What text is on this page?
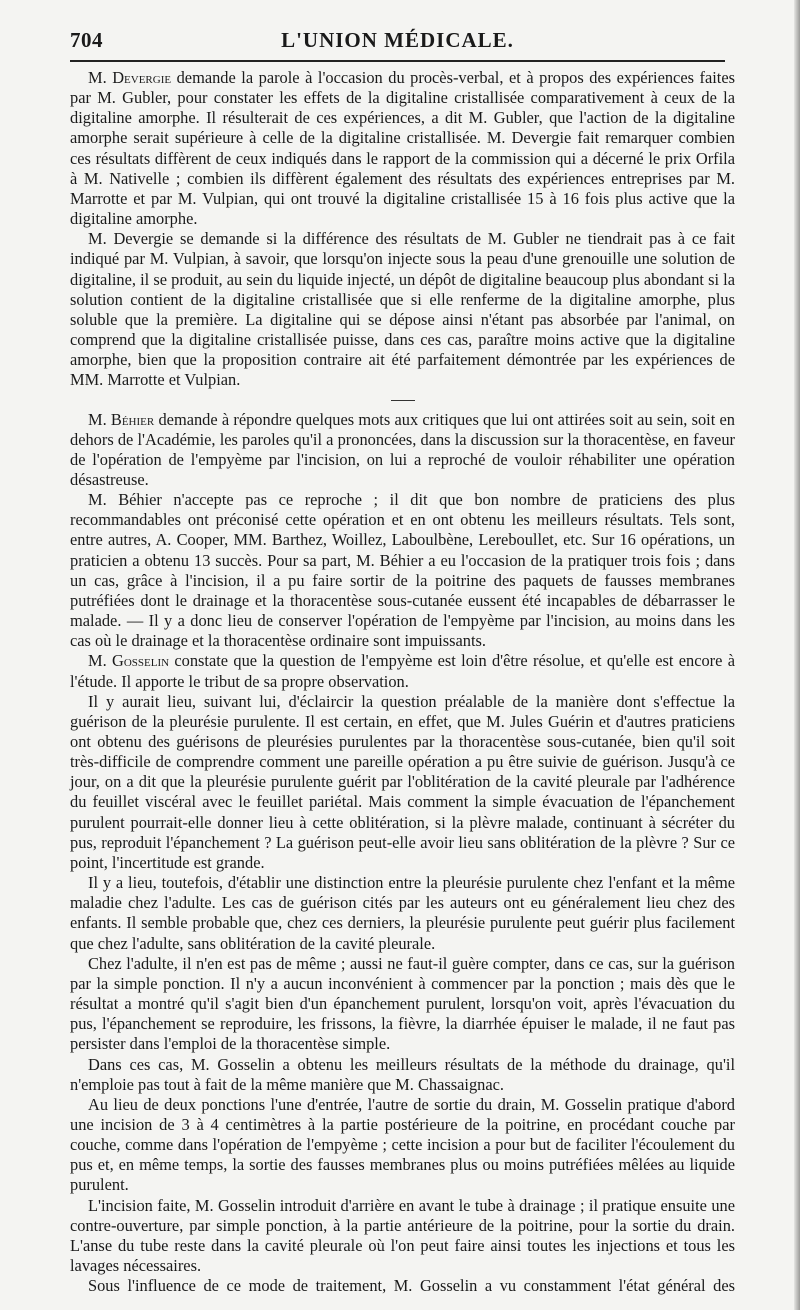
704	L'UNION MÉDICALE.

M. Devergie demande la parole à l'occasion du procès-verbal, et à propos des expériences faites par M. Gubler, pour constater les effets de la digitaline cristallisée comparativement à ceux de la digitaline amorphe. Il résulterait de ces expériences, a dit M. Gubler, que l'action de la digitaline amorphe serait supérieure à celle de la digitaline cristallisée. M. Devergie fait remarquer combien ces résultats diffèrent de ceux indiqués dans le rapport de la commission qui a décerné le prix Orfila à M. Nativelle ; combien ils diffèrent également des résultats des expériences entreprises par M. Marrotte et par M. Vulpian, qui ont trouvé la digitaline cristallisée 15 à 16 fois plus active que la digitaline amorphe.

M. Devergie se demande si la différence des résultats de M. Gubler ne tiendrait pas à ce fait indiqué par M. Vulpian, à savoir, que lorsqu'on injecte sous la peau d'une grenouille une solution de digitaline, il se produit, au sein du liquide injecté, un dépôt de digitaline beaucoup plus abondant si la solution contient de la digitaline cristallisée que si elle renferme de la digitaline amorphe, plus soluble que la première. La digitaline qui se dépose ainsi n'étant pas absorbée par l'animal, on comprend que la digitaline cristallisée puisse, dans ces cas, paraître moins active que la digitaline amorphe, bien que la proposition contraire ait été parfaitement démontrée par les expériences de MM. Marrotte et Vulpian.

M. Béhier demande à répondre quelques mots aux critiques que lui ont attirées soit au sein, soit en dehors de l'Académie, les paroles qu'il a prononcées, dans la discussion sur la thoracentèse, en faveur de l'opération de l'empyème par l'incision, on lui a reproché de vouloir réhabiliter une opération désastreuse.

M. Béhier n'accepte pas ce reproche ; il dit que bon nombre de praticiens des plus recommandables ont préconisé cette opération et en ont obtenu les meilleurs résultats. Tels sont, entre autres, A. Cooper, MM. Barthez, Woillez, Laboulbène, Lereboullet, etc. Sur 16 opérations, un praticien a obtenu 13 succès. Pour sa part, M. Béhier a eu l'occasion de la pratiquer trois fois ; dans un cas, grâce à l'incision, il a pu faire sortir de la poitrine des paquets de fausses membranes putréfiées dont le drainage et la thoracentèse sous-cutanée eussent été incapables de débarrasser le malade. — Il y a donc lieu de conserver l'opération de l'empyème par l'incision, au moins dans les cas où le drainage et la thoracentèse ordinaire sont impuissants.

M. Gosselin constate que la question de l'empyème est loin d'être résolue, et qu'elle est encore à l'étude. Il apporte le tribut de sa propre observation.

Il y aurait lieu, suivant lui, d'éclaircir la question préalable de la manière dont s'effectue la guérison de la pleurésie purulente. Il est certain, en effet, que M. Jules Guérin et d'autres praticiens ont obtenu des guérisons de pleurésies purulentes par la thoracentèse sous-cutanée, bien qu'il soit très-difficile de comprendre comment une pareille opération a pu être suivie de guérison. Jusqu'à ce jour, on a dit que la pleurésie purulente guérit par l'oblitération de la cavité pleurale par l'adhérence du feuillet viscéral avec le feuillet pariétal. Mais comment la simple évacuation de l'épanchement purulent pourrait-elle donner lieu à cette oblitération, si la plèvre malade, continuant à sécréter du pus, reproduit l'épanchement ? La guérison peut-elle avoir lieu sans oblitération de la plèvre ? Sur ce point, l'incertitude est grande.

Il y a lieu, toutefois, d'établir une distinction entre la pleurésie purulente chez l'enfant et la même maladie chez l'adulte. Les cas de guérison cités par les auteurs ont eu généralement lieu chez des enfants. Il semble probable que, chez ces derniers, la pleurésie purulente peut guérir plus facilement que chez l'adulte, sans oblitération de la cavité pleurale.

Chez l'adulte, il n'en est pas de même ; aussi ne faut-il guère compter, dans ce cas, sur la guérison par la simple ponction. Il n'y a aucun inconvénient à commencer par la ponction ; mais dès que le résultat a montré qu'il s'agit bien d'un épanchement purulent, lorsqu'on voit, après l'évacuation du pus, l'épanchement se reproduire, les frissons, la fièvre, la diarrhée épuiser le malade, il ne faut pas persister dans l'emploi de la thoracentèse simple.

Dans ces cas, M. Gosselin a obtenu les meilleurs résultats de la méthode du drainage, qu'il n'emploie pas tout à fait de la même manière que M. Chassaignac.

Au lieu de deux ponctions l'une d'entrée, l'autre de sortie du drain, M. Gosselin pratique d'abord une incision de 3 à 4 centimètres à la partie postérieure de la poitrine, en procédant couche par couche, comme dans l'opération de l'empyème ; cette incision a pour but de faciliter l'écoulement du pus et, en même temps, la sortie des fausses membranes plus ou moins putréfiées mêlées au liquide purulent.

L'incision faite, M. Gosselin introduit d'arrière en avant le tube à drainage ; il pratique ensuite une contre-ouverture, par simple ponction, à la partie antérieure de la poitrine, pour la sortie du drain. L'anse du tube reste dans la cavité pleurale où l'on peut faire ainsi toutes les injections et tous les lavages nécessaires.

Sous l'influence de ce mode de traitement, M. Gosselin a vu constamment l'état général des
